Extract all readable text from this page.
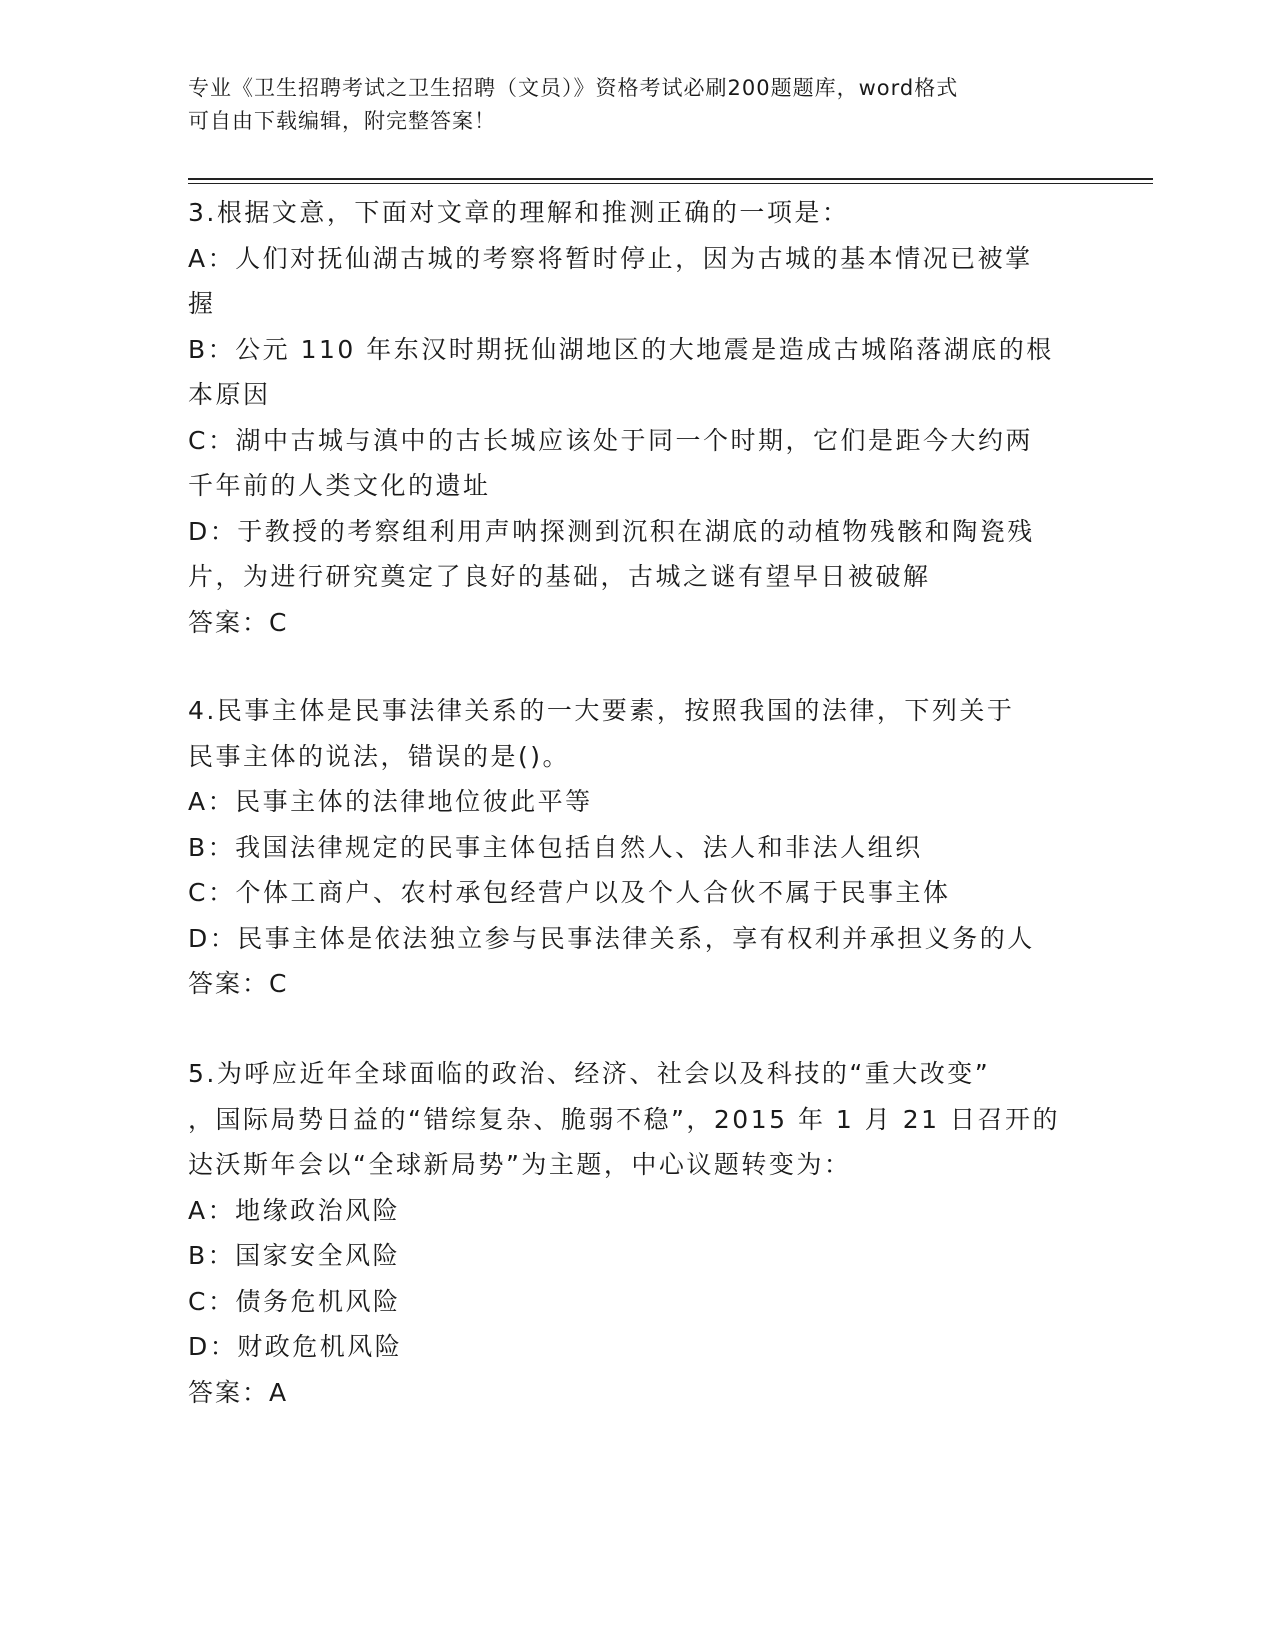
专业《卫生招聘考试之卫生招聘（文员）》资格考试必刷200题题库，word格式
可自由下载编辑，附完整答案！
3.根据文意，下面对文章的理解和推测正确的一项是：
A：人们对抚仙湖古城的考察将暂时停止，因为古城的基本情况已被掌
握
B：公元 110 年东汉时期抚仙湖地区的大地震是造成古城陷落湖底的根
本原因
C：湖中古城与滇中的古长城应该处于同一个时期，它们是距今大约两
千年前的人类文化的遗址
D：于教授的考察组利用声呐探测到沉积在湖底的动植物残骸和陶瓷残
片，为进行研究奠定了良好的基础，古城之谜有望早日被破解
答案：C
4.民事主体是民事法律关系的一大要素，按照我国的法律，下列关于
民事主体的说法，错误的是()。
A：民事主体的法律地位彼此平等
B：我国法律规定的民事主体包括自然人、法人和非法人组织
C：个体工商户、农村承包经营户以及个人合伙不属于民事主体
D：民事主体是依法独立参与民事法律关系，享有权利并承担义务的人
答案：C
5.为呼应近年全球面临的政治、经济、社会以及科技的“重大改变”
，国际局势日益的“错综复杂、脆弱不稳”，2015 年 1 月 21 日召开的
达沃斯年会以“全球新局势”为主题，中心议题转变为：
A：地缘政治风险
B：国家安全风险
C：债务危机风险
D：财政危机风险
答案：A
